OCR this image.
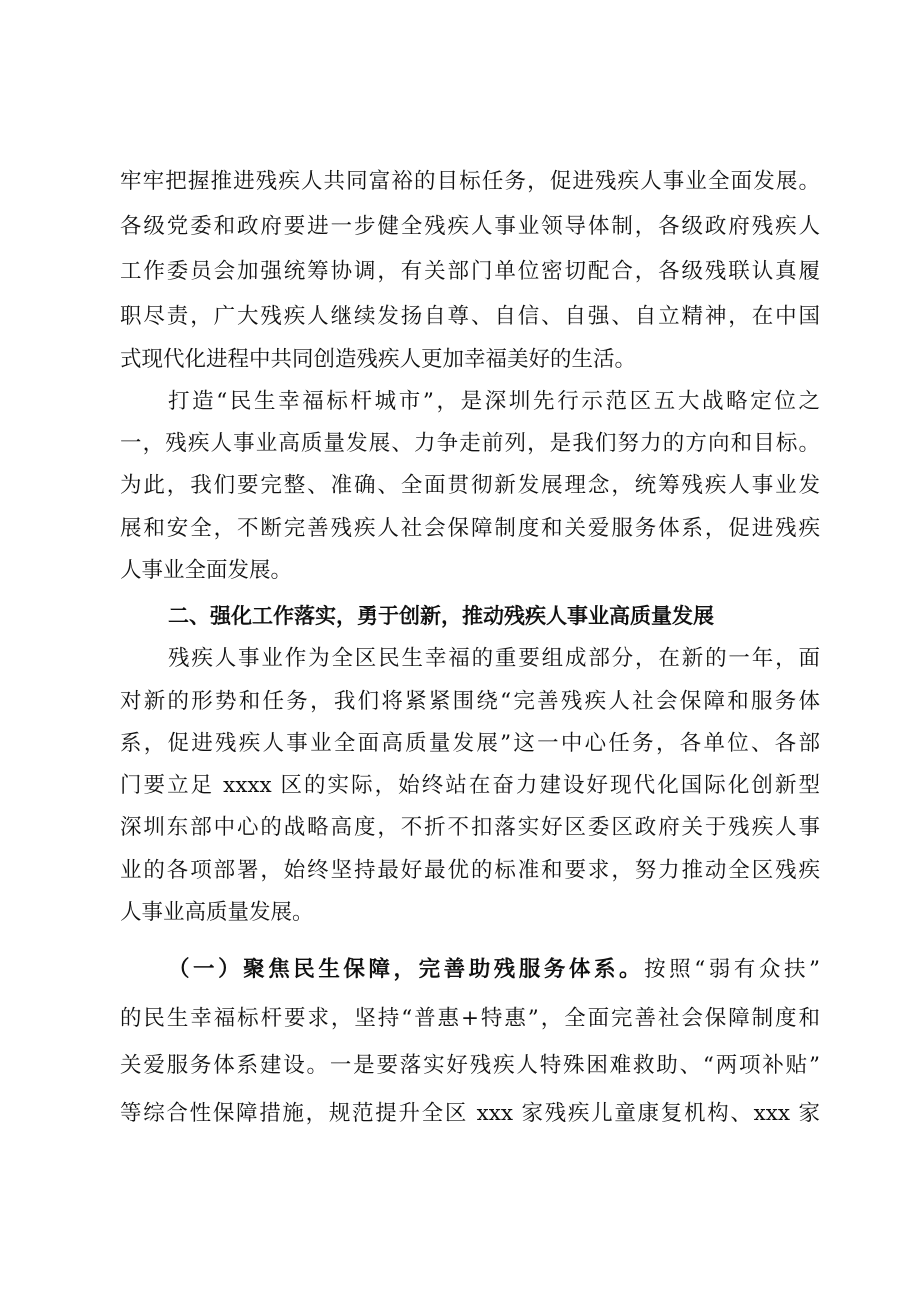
牢牢把握推进残疾人共同富裕的目标任务，促进残疾人事业全面发展。
各级党委和政府要进一步健全残疾人事业领导体制，各级政府残疾人
工作委员会加强统筹协调，有关部门单位密切配合，各级残联认真履
职尽责，广大残疾人继续发扬自尊、自信、自强、自立精神，在中国
式现代化进程中共同创造残疾人更加幸福美好的生活。
打造“民生幸福标杆城市”，是深圳先行示范区五大战略定位之
一，残疾人事业高质量发展、力争走前列，是我们努力的方向和目标。
为此，我们要完整、准确、全面贯彻新发展理念，统筹残疾人事业发
展和安全，不断完善残疾人社会保障制度和关爱服务体系，促进残疾
人事业全面发展。
二、强化工作落实，勇于创新，推动残疾人事业高质量发展
残疾人事业作为全区民生幸福的重要组成部分，在新的一年，面
对新的形势和任务，我们将紧紧围绕“完善残疾人社会保障和服务体
系，促进残疾人事业全面高质量发展”这一中心任务，各单位、各部
门要立足 xxxx 区的实际，始终站在奋力建设好现代化国际化创新型
深圳东部中心的战略高度，不折不扣落实好区委区政府关于残疾人事
业的各项部署，始终坚持最好最优的标准和要求，努力推动全区残疾
人事业高质量发展。
（一）聚焦民生保障，完善助残服务体系。按照“弱有众扶”
的民生幸福标杆要求，坚持“普惠+特惠”，全面完善社会保障制度和
关爱服务体系建设。一是要落实好残疾人特殊困难救助、“两项补贴”
等综合性保障措施，规范提升全区 xxx 家残疾儿童康复机构、xxx 家
